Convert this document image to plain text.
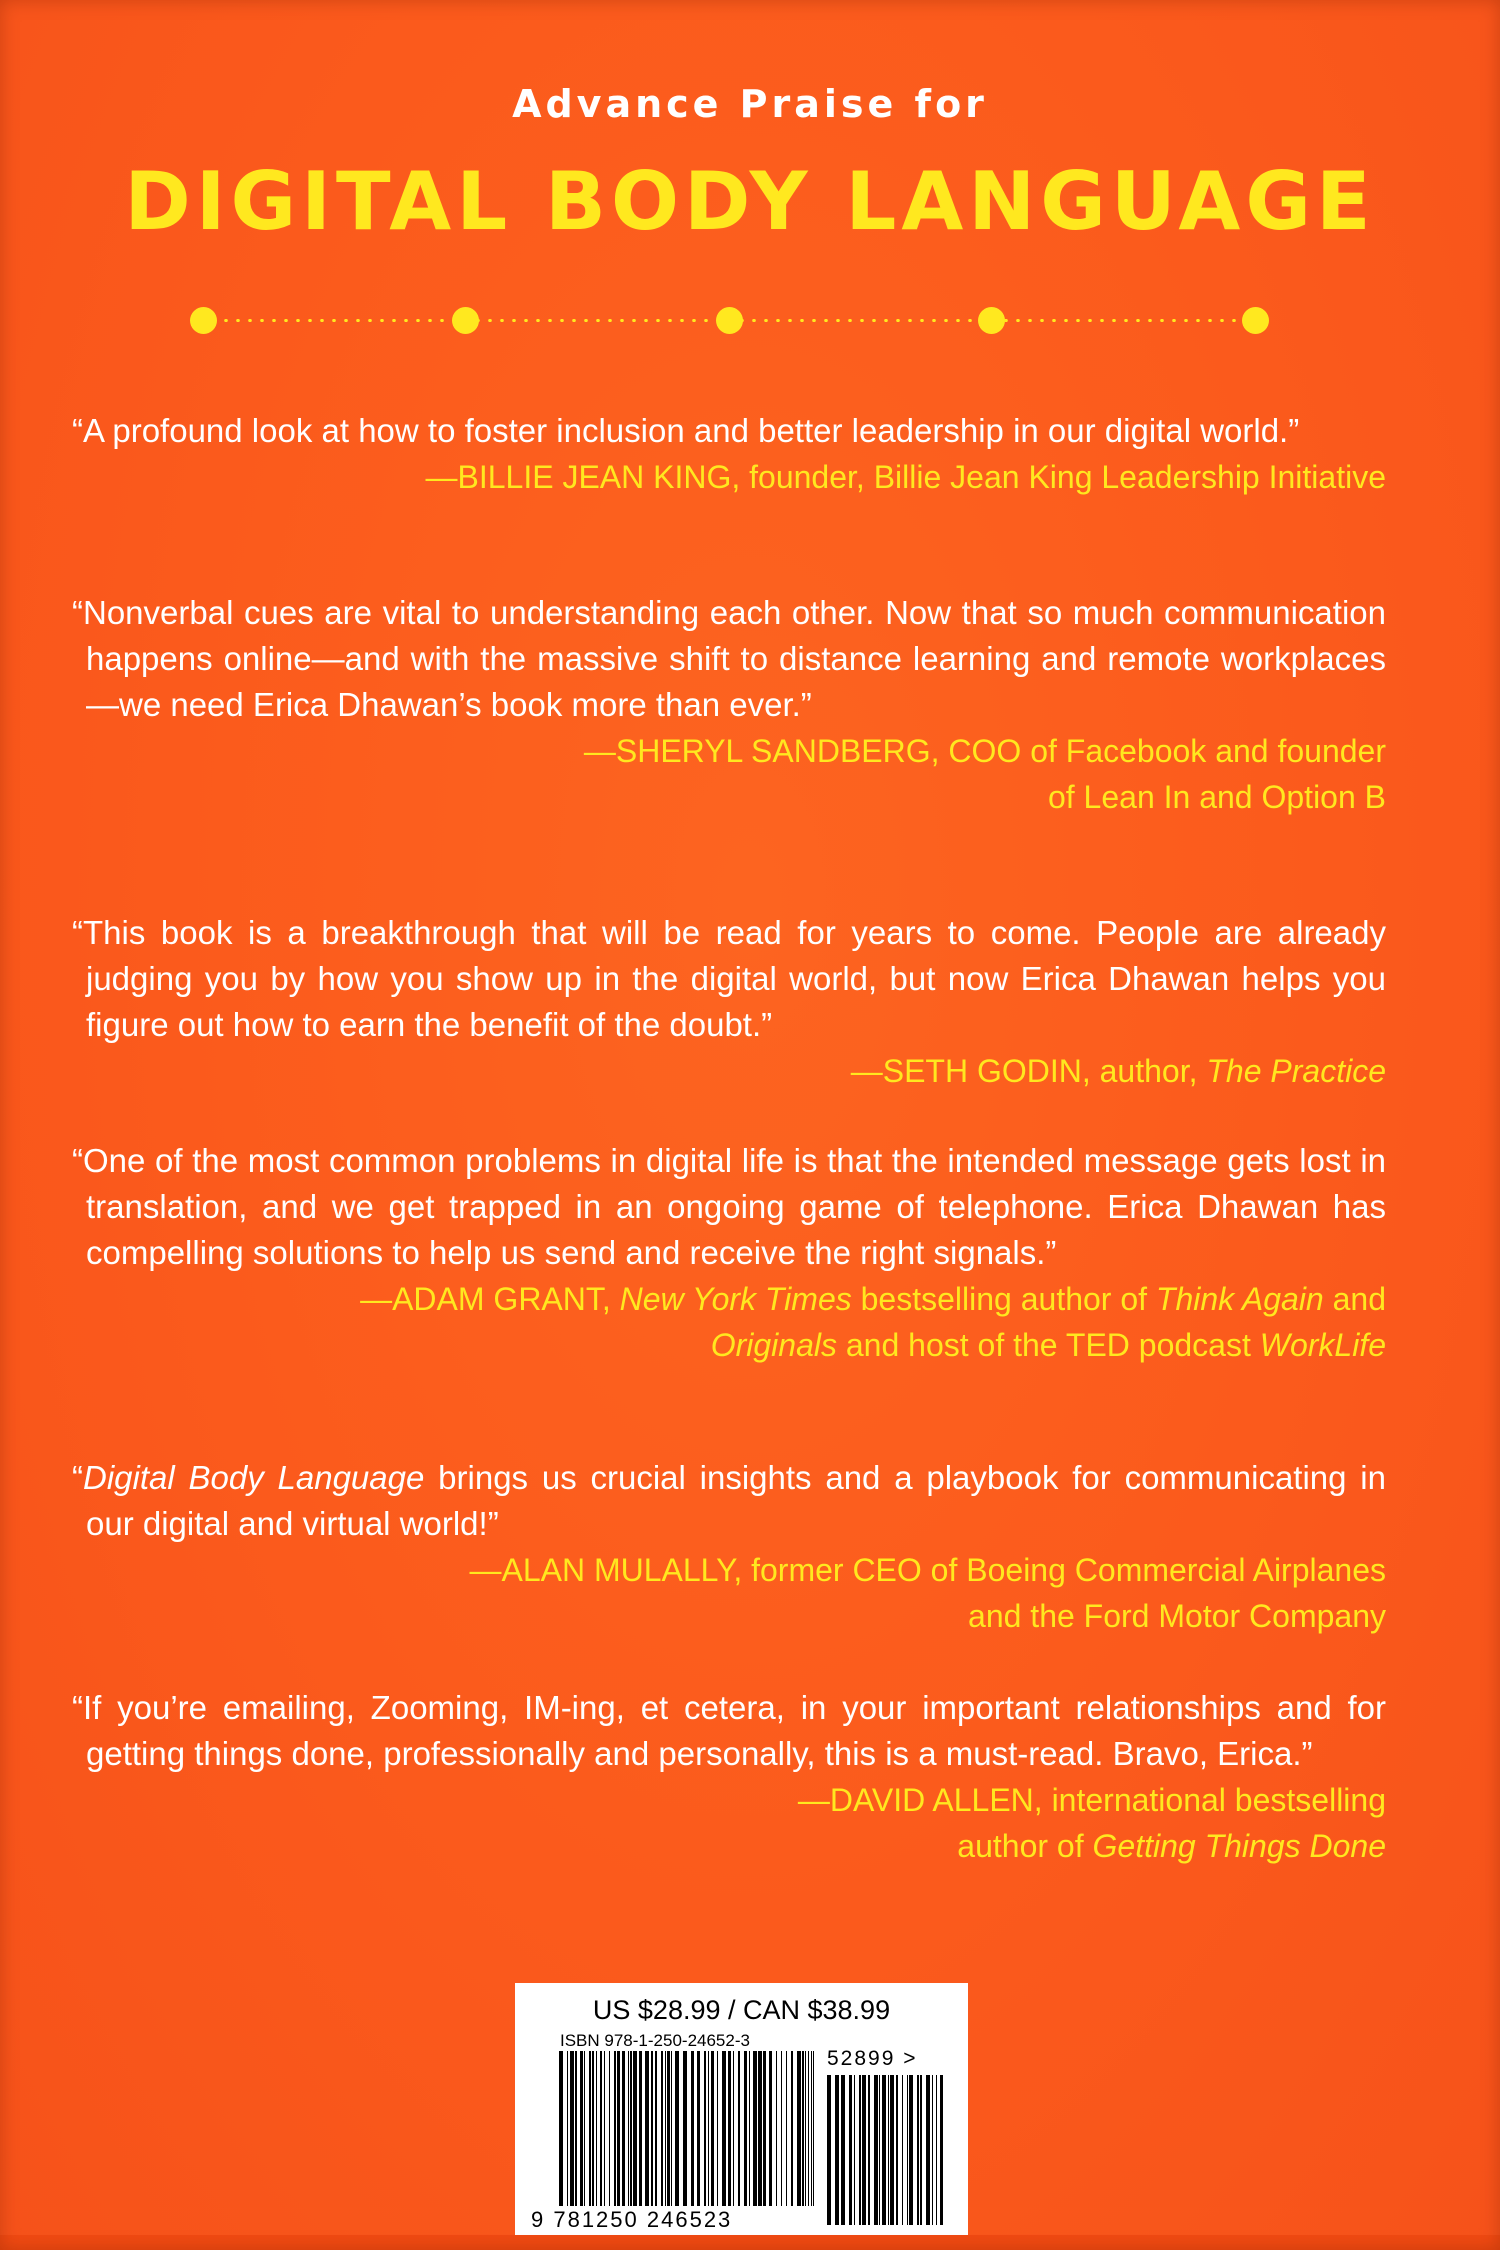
Advance Praise for
DIGITAL BODY LANGUAGE

“A profound look at how to foster inclusion and better leadership in our digital world.”

—BILLIE JEAN KING, founder, Billie Jean King Leadership Initiative

“Nonverbal cues are vital to understanding each other. Now that so much communication happens online—and with the massive shift to distance learning and remote workplaces—we need Erica Dhawan’s book more than ever.”

—SHERYL SANDBERG, COO of Facebook and founder
of Lean In and Option B

“This book is a breakthrough that will be read for years to come. People are already judging you by how you show up in the digital world, but now Erica Dhawan helps you figure out how to earn the benefit of the doubt.”

—SETH GODIN, author, The Practice

“One of the most common problems in digital life is that the intended message gets lost in translation, and we get trapped in an ongoing game of telephone. Erica Dhawan has compelling solutions to help us send and receive the right signals.”

—ADAM GRANT, New York Times bestselling author of Think Again and
Originals and host of the TED podcast WorkLife

“Digital Body Language brings us crucial insights and a playbook for communicating in our digital and virtual world!”

—ALAN MULALLY, former CEO of Boeing Commercial Airplanes
and the Ford Motor Company

“If you’re emailing, Zooming, IM-ing, et cetera, in your important relationships and for getting things done, professionally and personally, this is a must-read. Bravo, Erica.”

—DAVID ALLEN, international bestselling
author of Getting Things Done

US $28.99 / CAN $38.99
ISBN 978-1-250-24652-3
52899 >
9 781250 246523
